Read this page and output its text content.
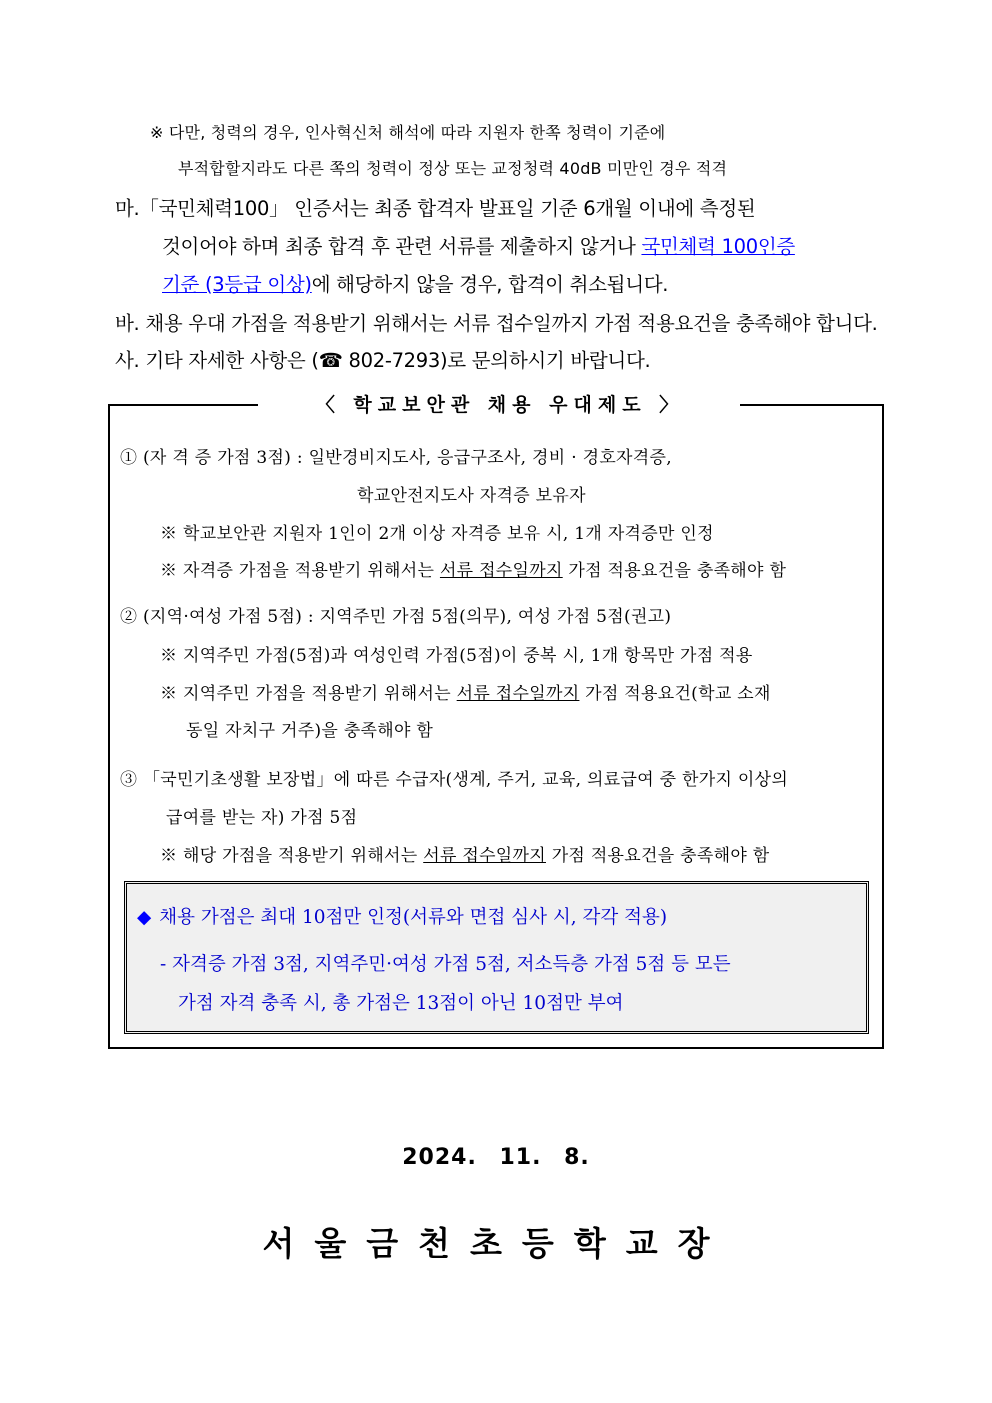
※ 다만, 청력의 경우, 인사혁신처 해석에 따라 지원자 한쪽 청력이 기준에
부적합할지라도 다른 쪽의 청력이 정상 또는 교정청력 40dB 미만인 경우 적격
마.「국민체력100」 인증서는 최종 합격자 발표일 기준 6개월 이내에 측정된
것이어야 하며 최종 합격 후 관련 서류를 제출하지 않거나 국민체력 100인증
기준 (3등급 이상)에 해당하지 않을 경우, 합격이 취소됩니다.
바. 채용 우대 가점을 적용받기 위해서는 서류 접수일까지 가점 적용요건을 충족해야 합니다.
사. 기타 자세한 사항은 (☎ 802-7293)로 문의하시기 바랍니다.
〈 학교보안관 채용 우대제도 〉
① (자 격 증 가점 3점) : 일반경비지도사, 응급구조사, 경비 · 경호자격증,
학교안전지도사 자격증 보유자
※ 학교보안관 지원자 1인이 2개 이상 자격증 보유 시, 1개 자격증만 인정
※ 자격증 가점을 적용받기 위해서는 서류 접수일까지 가점 적용요건을 충족해야 함
② (지역·여성 가점 5점) : 지역주민 가점 5점(의무), 여성 가점 5점(권고)
※ 지역주민 가점(5점)과 여성인력 가점(5점)이 중복 시, 1개 항목만 가점 적용
※ 지역주민 가점을 적용받기 위해서는 서류 접수일까지 가점 적용요건(학교 소재
동일 자치구 거주)을 충족해야 함
③ 「국민기초생활 보장법」에 따른 수급자(생계, 주거, 교육, 의료급여 중 한가지 이상의
급여를 받는 자) 가점 5점
※ 해당 가점을 적용받기 위해서는 서류 접수일까지 가점 적용요건을 충족해야 함
◆ 채용 가점은 최대 10점만 인정(서류와 면접 심사 시, 각각 적용)
- 자격증 가점 3점, 지역주민·여성 가점 5점, 저소득층 가점 5점 등 모든
가점 자격 충족 시, 총 가점은 13점이 아닌 10점만 부여
2024. 11. 8.
서울금천초등학교장
